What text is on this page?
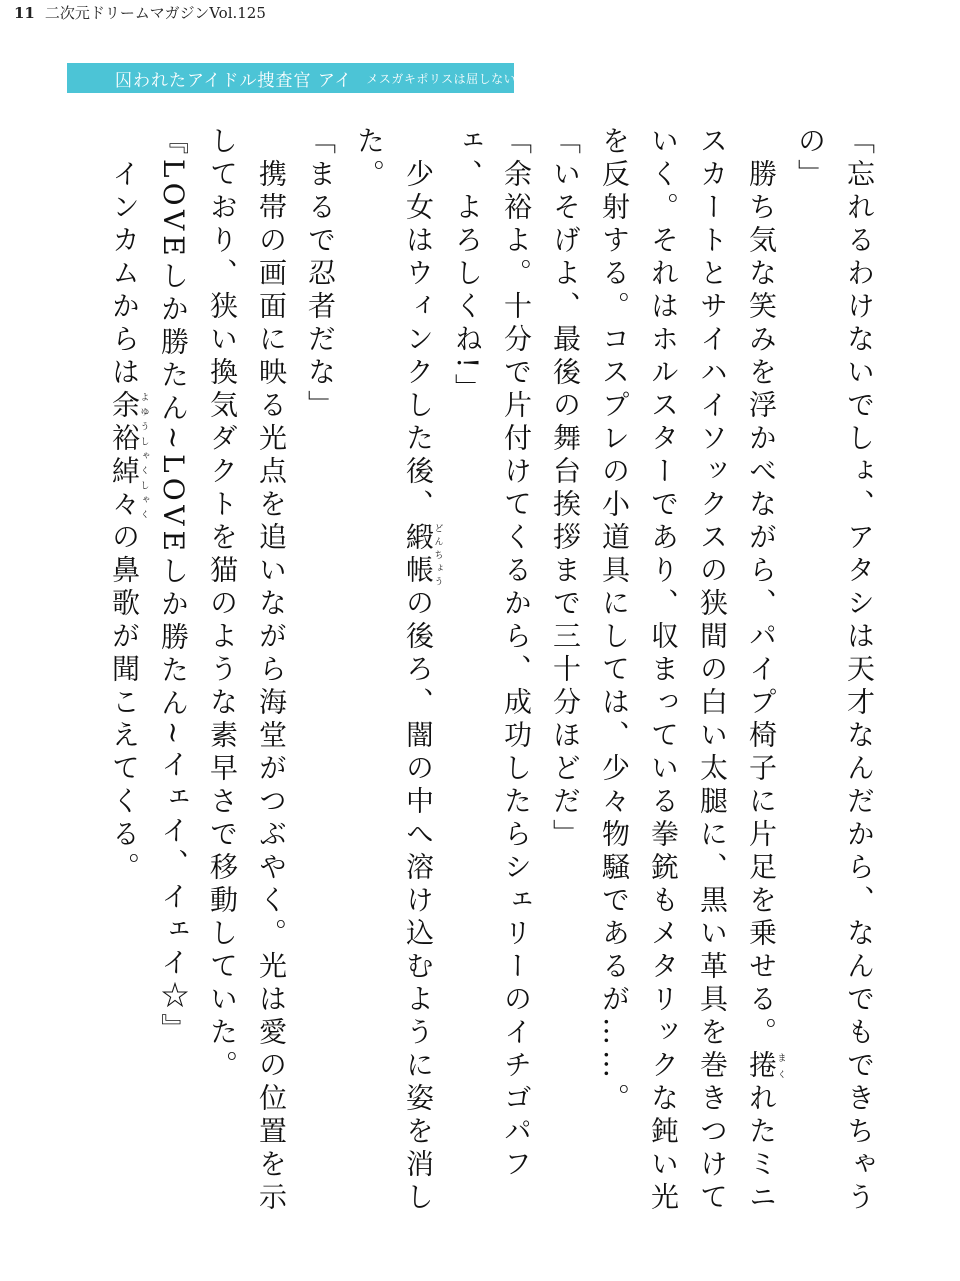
11 二次元ドリームマガジンVol.125
囚われたアイドル捜査官 アイ メスガキポリスは屈しない!

「忘れるわけないでしょ、アタシは天才なんだから、なんでもできちゃうの」

　勝ち気な笑みを浮かべながら、パイプ椅子に片足を乗せる。捲まくれたミニスカートとサイハイソックスの狭間の白い太腿に、黒い革具を巻きつけていく。それはホルスターであり、収まっている拳銃もメタリックな鈍い光を反射する。コスプレの小道具にしては、少々物騒であるが……。

「いそげよ、最後の舞台挨拶まで三十分ほどだ」

「余裕よ。十分で片付けてくるから、成功したらシェリーのイチゴパフェ、よろしくね!」

　少女はウィンクした後、緞帳どんちょうの後ろ、闇の中へ溶け込むように姿を消した。

「まるで忍者だな」

　携帯の画面に映る光点を追いながら海堂がつぶやく。光は愛の位置を示しており、狭い換気ダクトを猫のような素早さで移動していた。

『LOVEしか勝たん~LOVEしか勝たん~イェイ、イェイ☆』

　インカムからは余裕綽々よゆうしゃくしゃくの鼻歌が聞こえてくる。
